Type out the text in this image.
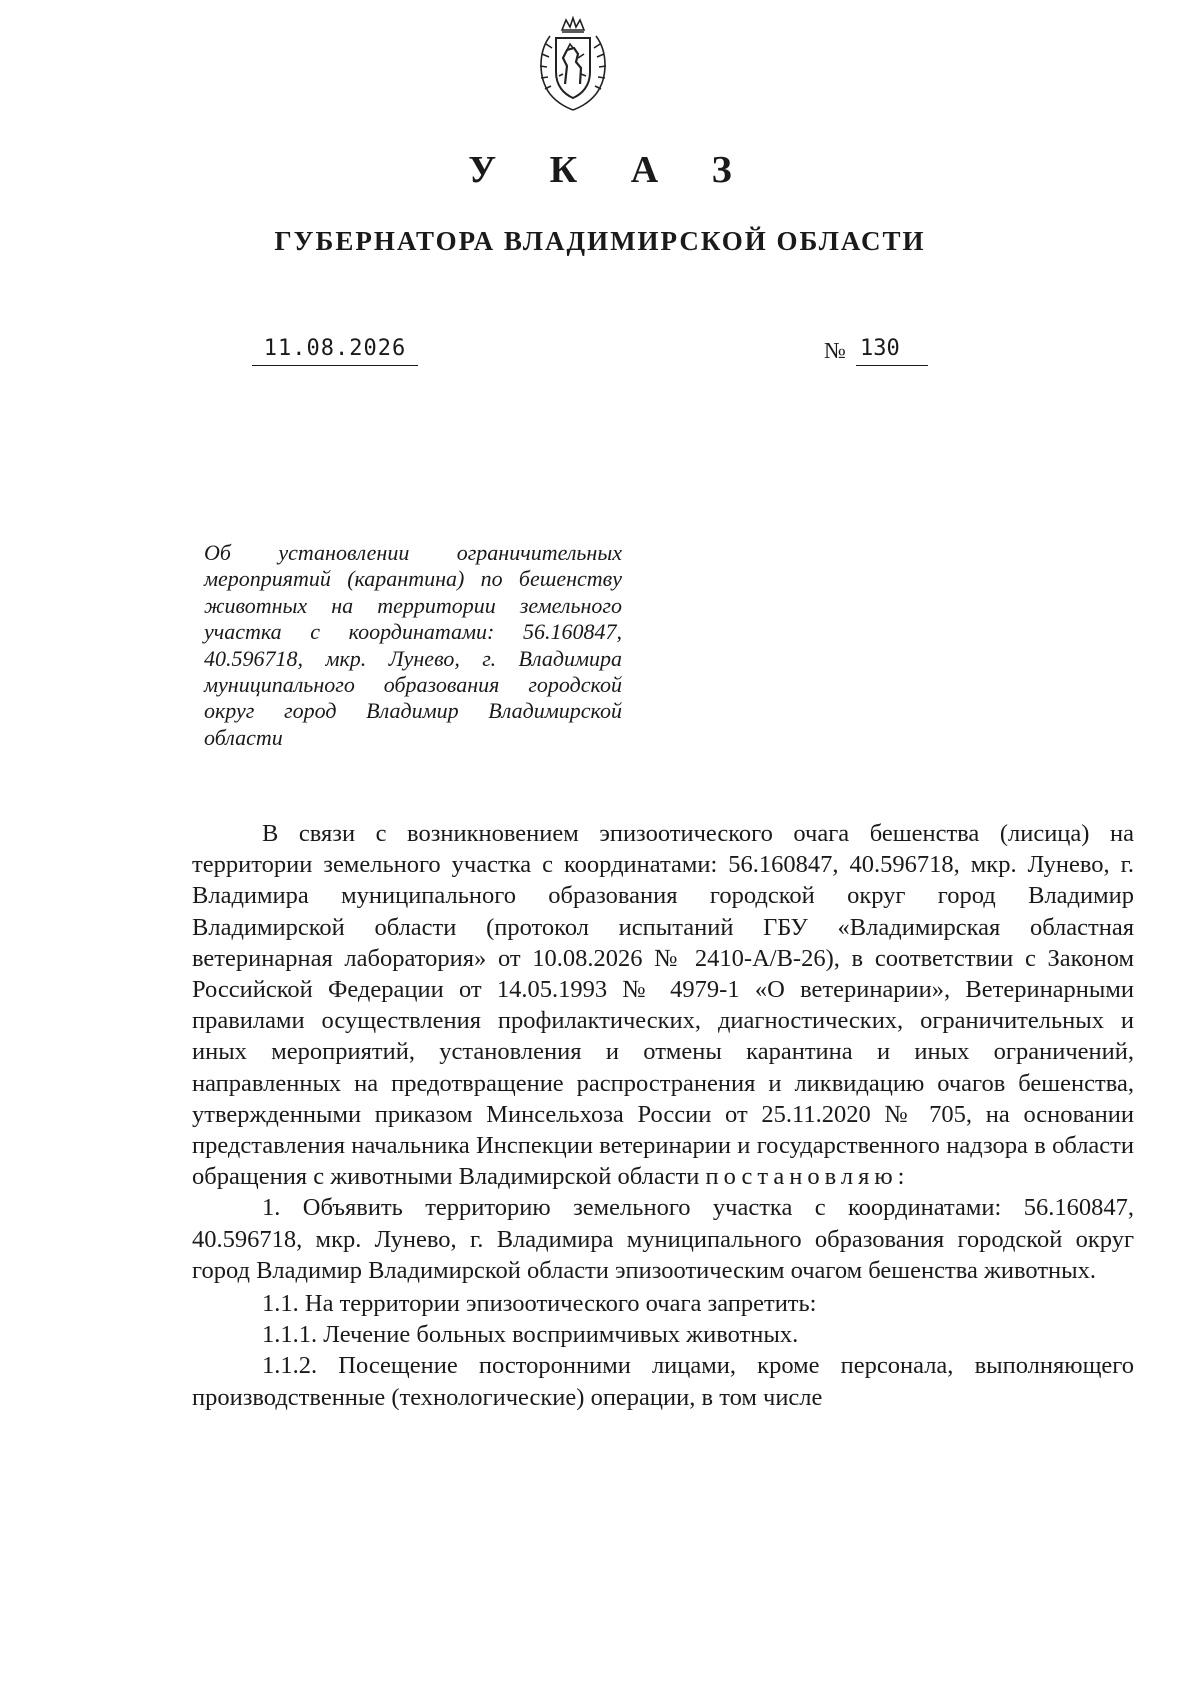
У К А З
ГУБЕРНАТОРА ВЛАДИМИРСКОЙ ОБЛАСТИ
11.08.2026	№ 130
Об установлении ограничительных мероприятий (карантина) по бешенству животных на территории земельного участка с координатами: 56.160847, 40.596718, мкр. Лунево, г. Владимира муниципального образования городской округ город Владимир Владимирской области

В связи с возникновением эпизоотического очага бешенства (лисица) на территории земельного участка с координатами: 56.160847, 40.596718, мкр. Лунево, г. Владимира муниципального образования городской округ город Владимир Владимирской области (протокол испытаний ГБУ «Владимирская областная ветеринарная лаборатория» от 10.08.2026 № 2410-А/В-26), в соответствии с Законом Российской Федерации от 14.05.1993 № 4979-1 «О ветеринарии», Ветеринарными правилами осуществления профилактических, диагностических, ограничительных и иных мероприятий, установления и отмены карантина и иных ограничений, направленных на предотвращение распространения и ликвидацию очагов бешенства, утвержденными приказом Минсельхоза России от 25.11.2020 № 705, на основании представления начальника Инспекции ветеринарии и государственного надзора в области обращения с животными Владимирской области постановляю:

1. Объявить территорию земельного участка с координатами: 56.160847, 40.596718, мкр. Лунево, г. Владимира муниципального образования городской округ город Владимир Владимирской области эпизоотическим очагом бешенства животных.

1.1. На территории эпизоотического очага запретить:

1.1.1. Лечение больных восприимчивых животных.

1.1.2. Посещение посторонними лицами, кроме персонала, выполняющего производственные (технологические) операции, в том числе
